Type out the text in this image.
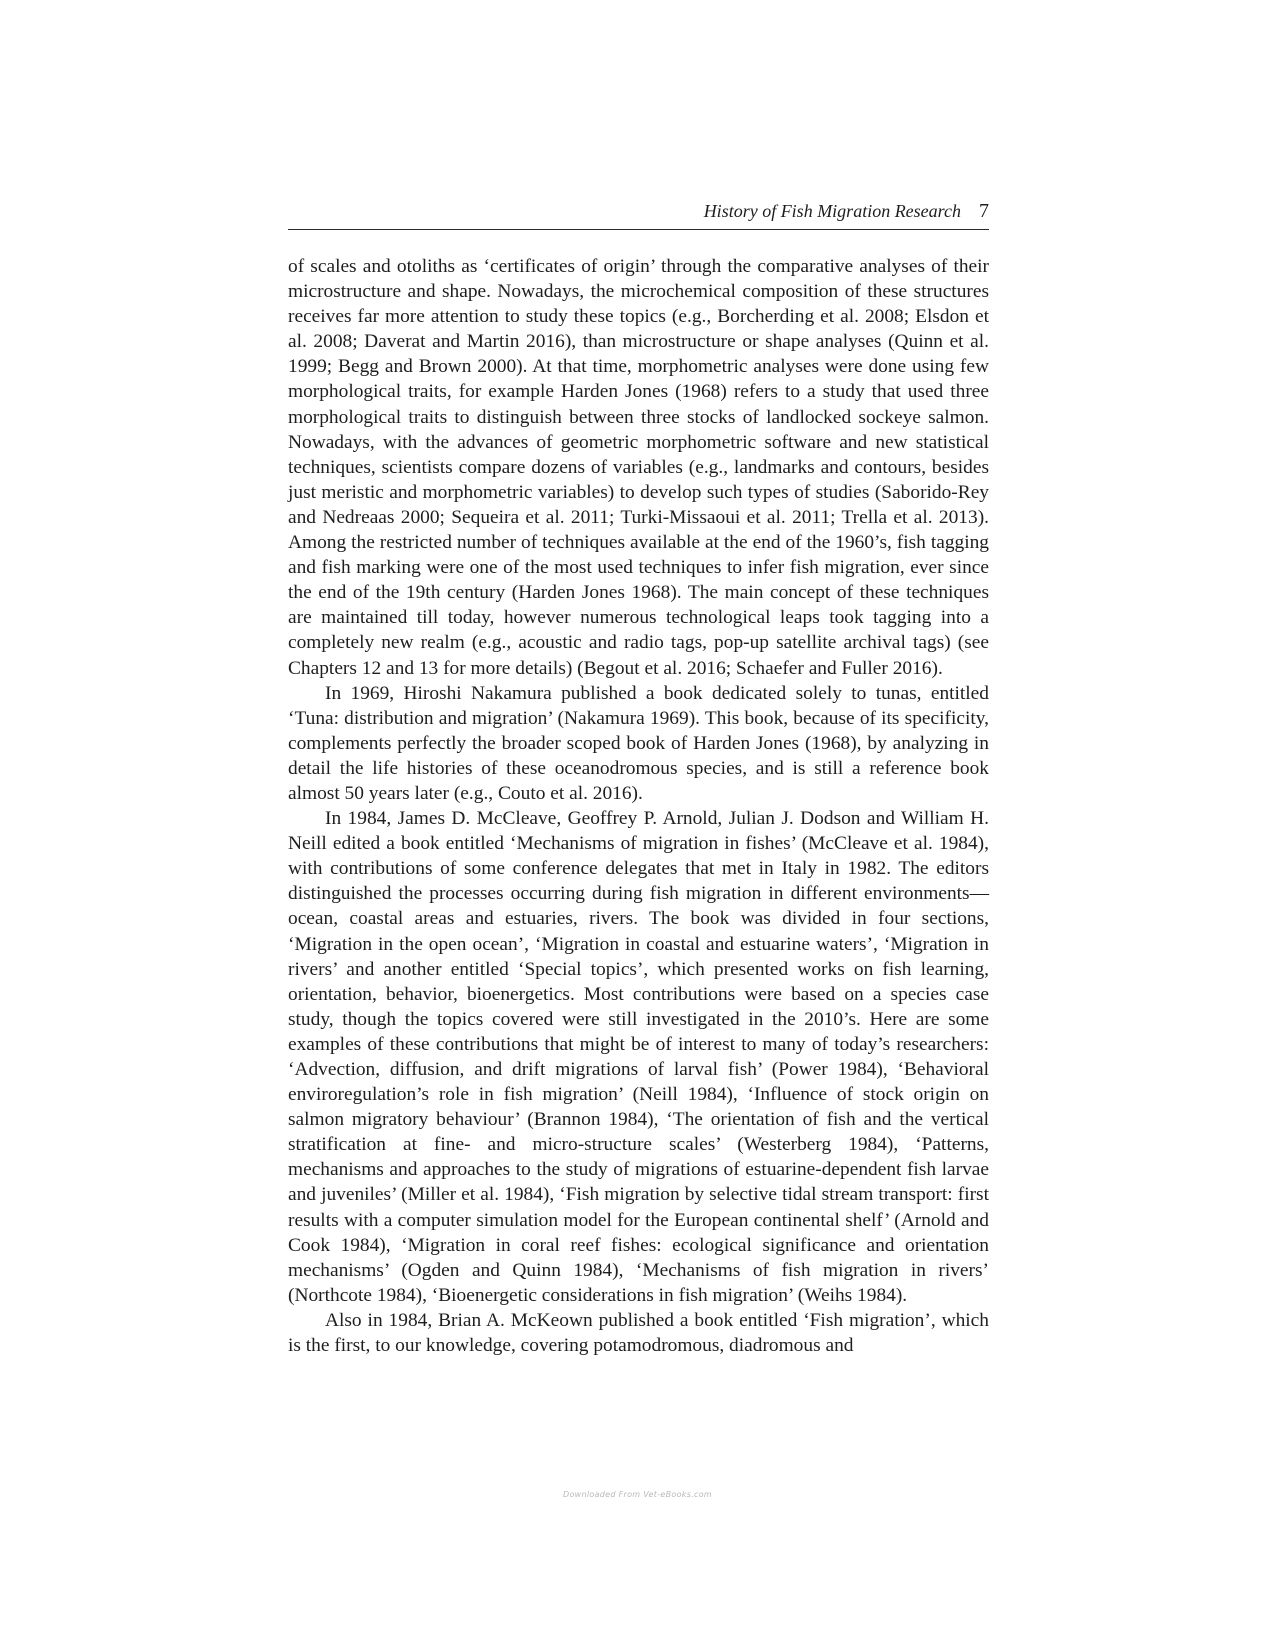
History of Fish Migration Research 7

of scales and otoliths as ‘certificates of origin’ through the comparative analyses of their microstructure and shape. Nowadays, the microchemical composition of these structures receives far more attention to study these topics (e.g., Borcherding et al. 2008; Elsdon et al. 2008; Daverat and Martin 2016), than microstructure or shape analyses (Quinn et al. 1999; Begg and Brown 2000). At that time, morphometric analyses were done using few morphological traits, for example Harden Jones (1968) refers to a study that used three morphological traits to distinguish between three stocks of landlocked sockeye salmon. Nowadays, with the advances of geometric morphometric software and new statistical techniques, scientists compare dozens of variables (e.g., landmarks and contours, besides just meristic and morphometric variables) to develop such types of studies (Saborido-Rey and Nedreaas 2000; Sequeira et al. 2011; Turki-Missaoui et al. 2011; Trella et al. 2013). Among the restricted number of techniques available at the end of the 1960’s, fish tagging and fish marking were one of the most used techniques to infer fish migration, ever since the end of the 19th century (Harden Jones 1968). The main concept of these techniques are maintained till today, however numerous technological leaps took tagging into a completely new realm (e.g., acoustic and radio tags, pop-up satellite archival tags) (see Chapters 12 and 13 for more details) (Begout et al. 2016; Schaefer and Fuller 2016).

In 1969, Hiroshi Nakamura published a book dedicated solely to tunas, entitled ‘Tuna: distribution and migration’ (Nakamura 1969). This book, because of its specificity, complements perfectly the broader scoped book of Harden Jones (1968), by analyzing in detail the life histories of these oceanodromous species, and is still a reference book almost 50 years later (e.g., Couto et al. 2016).

In 1984, James D. McCleave, Geoffrey P. Arnold, Julian J. Dodson and William H. Neill edited a book entitled ‘Mechanisms of migration in fishes’ (McCleave et al. 1984), with contributions of some conference delegates that met in Italy in 1982. The editors distinguished the processes occurring during fish migration in different environments—ocean, coastal areas and estuaries, rivers. The book was divided in four sections, ‘Migration in the open ocean’, ‘Migration in coastal and estuarine waters’, ‘Migration in rivers’ and another entitled ‘Special topics’, which presented works on fish learning, orientation, behavior, bioenergetics. Most contributions were based on a species case study, though the topics covered were still investigated in the 2010’s. Here are some examples of these contributions that might be of interest to many of today’s researchers: ‘Advection, diffusion, and drift migrations of larval fish’ (Power 1984), ‘Behavioral enviroregulation’s role in fish migration’ (Neill 1984), ‘Influence of stock origin on salmon migratory behaviour’ (Brannon 1984), ‘The orientation of fish and the vertical stratification at fine- and micro-structure scales’ (Westerberg 1984), ‘Patterns, mechanisms and approaches to the study of migrations of estuarine-dependent fish larvae and juveniles’ (Miller et al. 1984), ‘Fish migration by selective tidal stream transport: first results with a computer simulation model for the European continental shelf’ (Arnold and Cook 1984), ‘Migration in coral reef fishes: ecological significance and orientation mechanisms’ (Ogden and Quinn 1984), ‘Mechanisms of fish migration in rivers’ (Northcote 1984), ‘Bioenergetic considerations in fish migration’ (Weihs 1984).

Also in 1984, Brian A. McKeown published a book entitled ‘Fish migration’, which is the first, to our knowledge, covering potamodromous, diadromous and

Downloaded From Vet-eBooks.com
